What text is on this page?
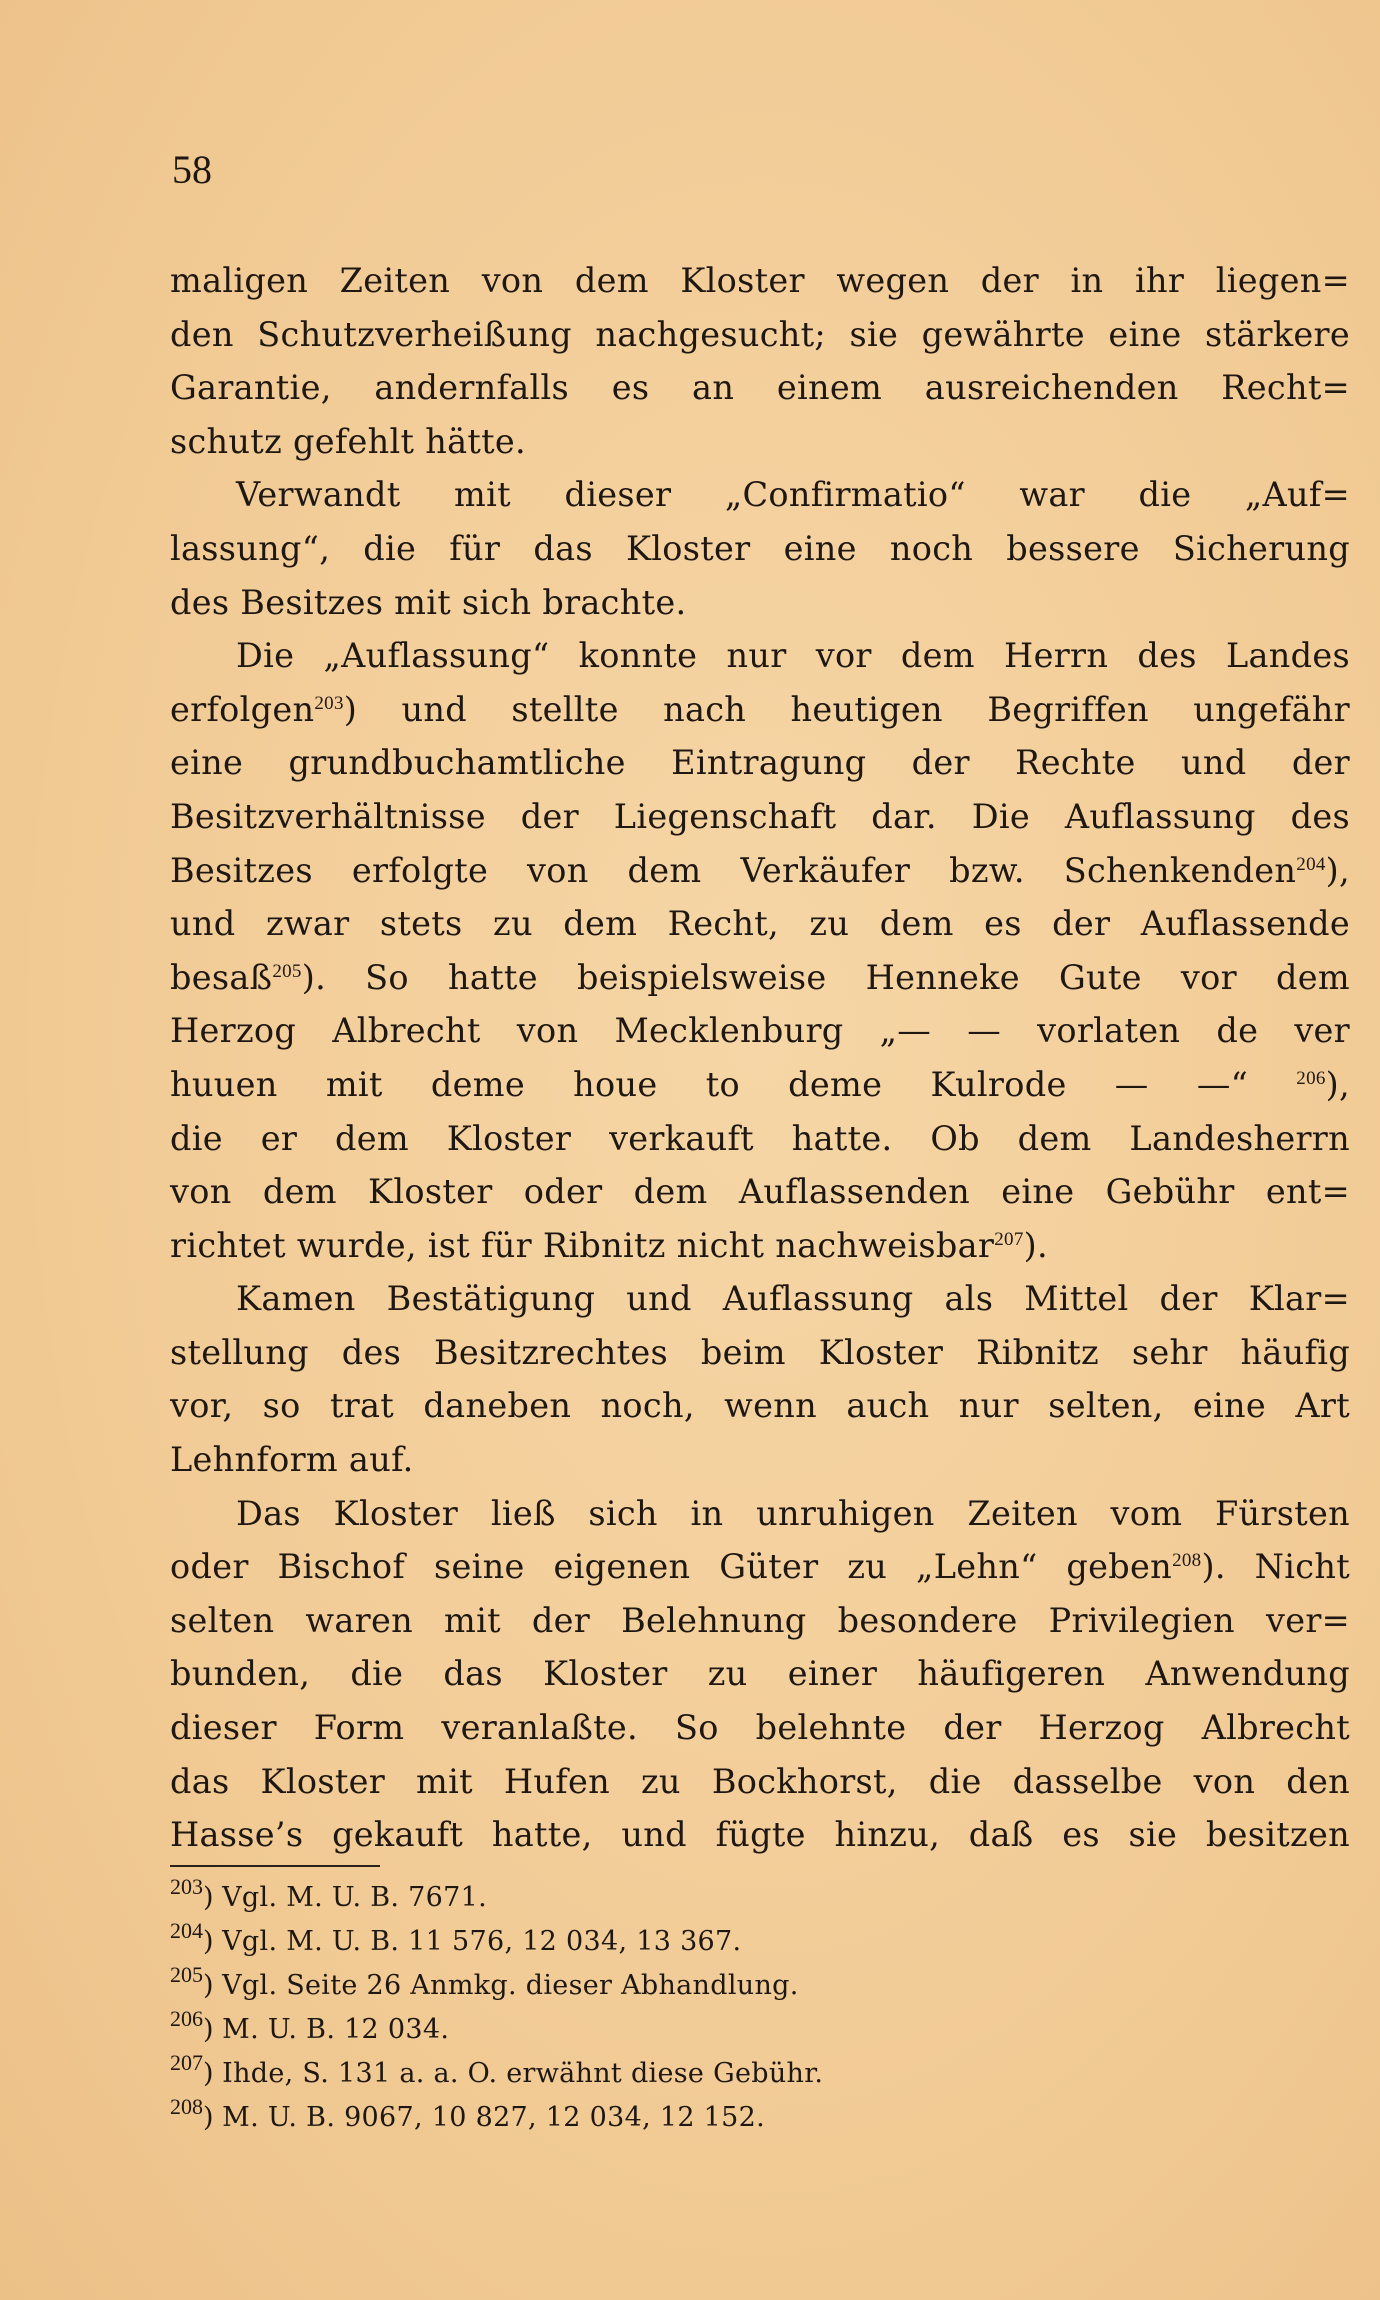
58
maligen Zeiten von dem Kloster wegen der in ihr liegen=
den Schutzverheißung nachgesucht; sie gewährte eine stärkere
Garantie, andernfalls es an einem ausreichenden Recht=
schutz gefehlt hätte.
Verwandt mit dieser „Confirmatio“ war die „Auf=
lassung“, die für das Kloster eine noch bessere Sicherung
des Besitzes mit sich brachte.
Die „Auflassung“ konnte nur vor dem Herrn des Landes
erfolgen$^{203}$) und stellte nach heutigen Begriffen ungefähr
eine grundbuchamtliche Eintragung der Rechte und der
Besitzverhältnisse der Liegenschaft dar. Die Auflassung des
Besitzes erfolgte von dem Verkäufer bzw. Schenkenden$^{204}$),
und zwar stets zu dem Recht, zu dem es der Auflassende
besaß$^{205}$). So hatte beispielsweise Henneke Gute vor dem
Herzog Albrecht von Mecklenburg „— — vorlaten de ver
huuen mit deme houe to deme Kulrode — —“ $^{206}$),
die er dem Kloster verkauft hatte. Ob dem Landesherrn
von dem Kloster oder dem Auflassenden eine Gebühr ent=
richtet wurde, ist für Ribnitz nicht nachweisbar$^{207}$).
Kamen Bestätigung und Auflassung als Mittel der Klar=
stellung des Besitzrechtes beim Kloster Ribnitz sehr häufig
vor, so trat daneben noch, wenn auch nur selten, eine Art
Lehnform auf.
Das Kloster ließ sich in unruhigen Zeiten vom Fürsten
oder Bischof seine eigenen Güter zu „Lehn“ geben$^{208}$). Nicht
selten waren mit der Belehnung besondere Privilegien ver=
bunden, die das Kloster zu einer häufigeren Anwendung
dieser Form veranlaßte. So belehnte der Herzog Albrecht
das Kloster mit Hufen zu Bockhorst, die dasselbe von den
Hasse’s gekauft hatte, und fügte hinzu, daß es sie besitzen
$^{203}$) Vgl. M. U. B. 7671.
$^{204}$) Vgl. M. U. B. 11 576, 12 034, 13 367.
$^{205}$) Vgl. Seite 26 Anmkg. dieser Abhandlung.
$^{206}$) M. U. B. 12 034.
$^{207}$) Ihde, S. 131 a. a. O. erwähnt diese Gebühr.
$^{208}$) M. U. B. 9067, 10 827, 12 034, 12 152.
